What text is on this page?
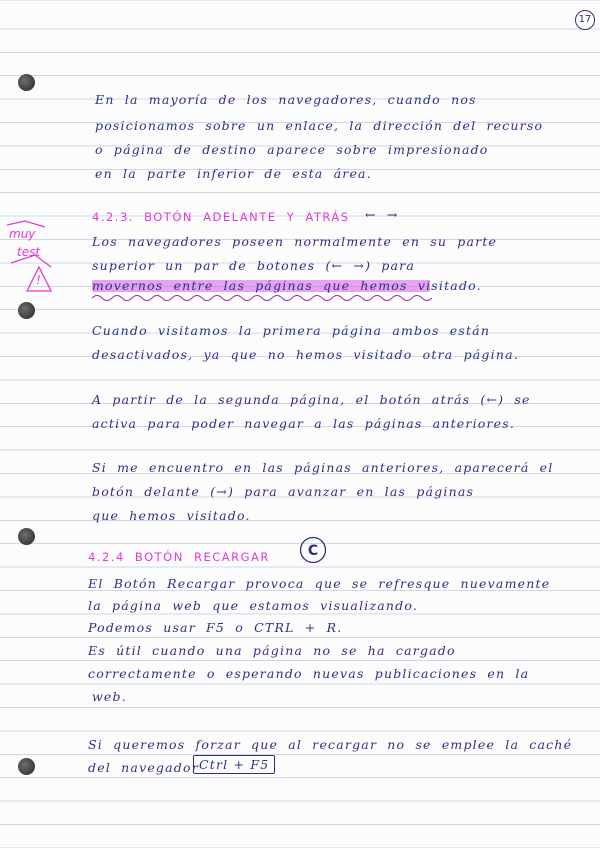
17
En la mayoría de los navegadores, cuando nos
posicionamos sobre un enlace, la dirección del recurso
o página de destino aparece sobre impresionado
en la parte inferior de esta área.
4.2.3. BOTÓN ADELANTE Y ATRÁS ← →
muy
test
!
Los navegadores poseen normalmente en su parte
superior un par de botones (← →) para
movernos entre las páginas que hemos visitado.
Cuando visitamos la primera página ambos están
desactivados, ya que no hemos visitado otra página.
A partir de la segunda página, el botón atrás (←) se
activa para poder navegar a las páginas anteriores.
Si me encuentro en las páginas anteriores, aparecerá el
botón delante (→) para avanzar en las páginas
que hemos visitado.
4.2.4 BOTÓN RECARGAR	C
El Botón Recargar provoca que se refresque nuevamente
la página web que estamos visualizando.
Podemos usar F5 o CTRL + R.
Es útil cuando una página no se ha cargado
correctamente o esperando nuevas publicaciones en la
web.
Si queremos forzar que al recargar no se emplee la caché
del navegador Ctrl + F5
